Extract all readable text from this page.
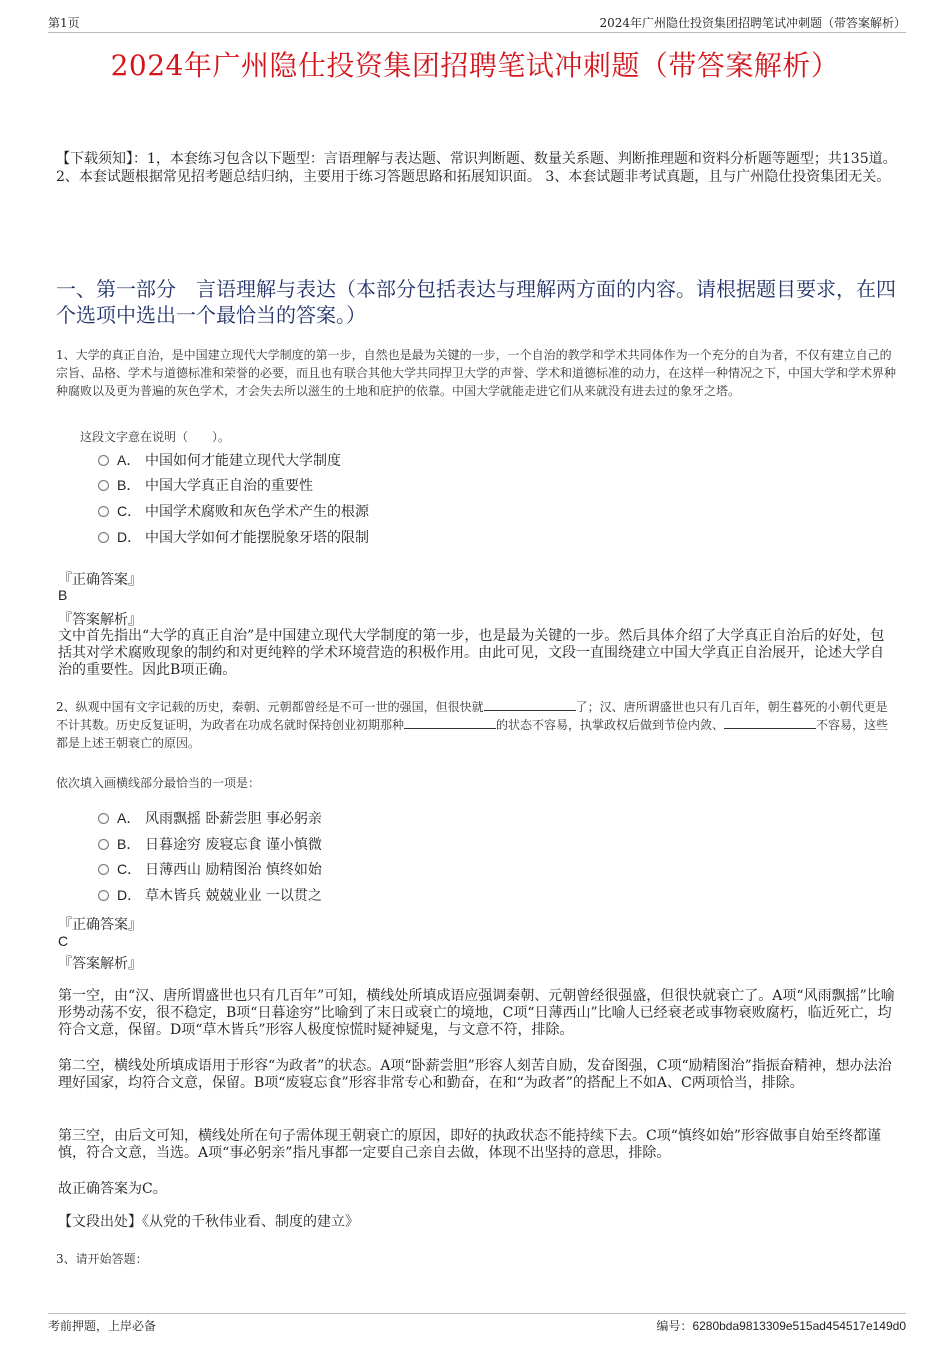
第1页	2024年广州隐仕投资集团招聘笔试冲刺题（带答案解析）
2024年广州隐仕投资集团招聘笔试冲刺题（带答案解析）
【下载须知】：1，本套练习包含以下题型：言语理解与表达题、常识判断题、数量关系题、判断推理题和资料分析题等题型；共135道。 2、本套试题根据常见招考题总结归纳，主要用于练习答题思路和拓展知识面。 3、本套试题非考试真题，且与广州隐仕投资集团无关。
一、第一部分　言语理解与表达（本部分包括表达与理解两方面的内容。请根据题目要求，在四个选项中选出一个最恰当的答案。）
1、大学的真正自治，是中国建立现代大学制度的第一步，自然也是最为关键的一步，一个自治的教学和学术共同体作为一个充分的自为者，不仅有建立自己的宗旨、品格、学术与道德标准和荣誉的必要，而且也有联合其他大学共同捍卫大学的声誉、学术和道德标准的动力，在这样一种情况之下，中国大学和学术界种种腐败以及更为普遍的灰色学术，才会失去所以滋生的土地和庇护的依靠。中国大学就能走进它们从来就没有进去过的象牙之塔。
这段文字意在说明（　　）。
A． 中国如何才能建立现代大学制度
B． 中国大学真正自治的重要性
C． 中国学术腐败和灰色学术产生的根源
D． 中国大学如何才能摆脱象牙塔的限制
『正确答案』
B
『答案解析』
文中首先指出“大学的真正自治”是中国建立现代大学制度的第一步，也是最为关键的一步。然后具体介绍了大学真正自治后的好处，包括其对学术腐败现象的制约和对更纯粹的学术环境营造的积极作用。由此可见，文段一直围绕建立中国大学真正自治展开，论述大学自治的重要性。因此B项正确。
2、纵观中国有文字记载的历史，秦朝、元朝都曾经是不可一世的强国，但很快就	了；汉、唐所谓盛世也只有几百年，朝生暮死的小朝代更是不计其数。历史反复证明，为政者在功成名就时保持创业初期那种	的状态不容易，执掌政权后做到节俭内敛、	不容易，这些都是上述王朝衰亡的原因。
依次填入画横线部分最恰当的一项是：
A． 风雨飘摇 卧薪尝胆 事必躬亲
B． 日暮途穷 废寝忘食 谨小慎微
C． 日薄西山 励精图治 慎终如始
D． 草木皆兵 兢兢业业 一以贯之
『正确答案』
C
『答案解析』
第一空，由“汉、唐所谓盛世也只有几百年”可知，横线处所填成语应强调秦朝、元朝曾经很强盛，但很快就衰亡了。A项“风雨飘摇”比喻形势动荡不安，很不稳定，B项“日暮途穷”比喻到了末日或衰亡的境地，C项“日薄西山”比喻人已经衰老或事物衰败腐朽，临近死亡，均符合文意，保留。D项“草木皆兵”形容人极度惊慌时疑神疑鬼，与文意不符，排除。
第二空，横线处所填成语用于形容“为政者”的状态。A项“卧薪尝胆”形容人刻苦自励，发奋图强，C项“励精图治”指振奋精神，想办法治理好国家，均符合文意，保留。B项“废寝忘食”形容非常专心和勤奋，在和“为政者”的搭配上不如A、C两项恰当，排除。
第三空，由后文可知，横线处所在句子需体现王朝衰亡的原因，即好的执政状态不能持续下去。C项“慎终如始”形容做事自始至终都谨慎，符合文意，当选。A项“事必躬亲”指凡事都一定要自己亲自去做，体现不出坚持的意思，排除。
故正确答案为C。
【文段出处】《从党的千秋伟业看、制度的建立》
3、请开始答题：
考前押题，上岸必备	编号：6280bda9813309e515ad454517e149d0
